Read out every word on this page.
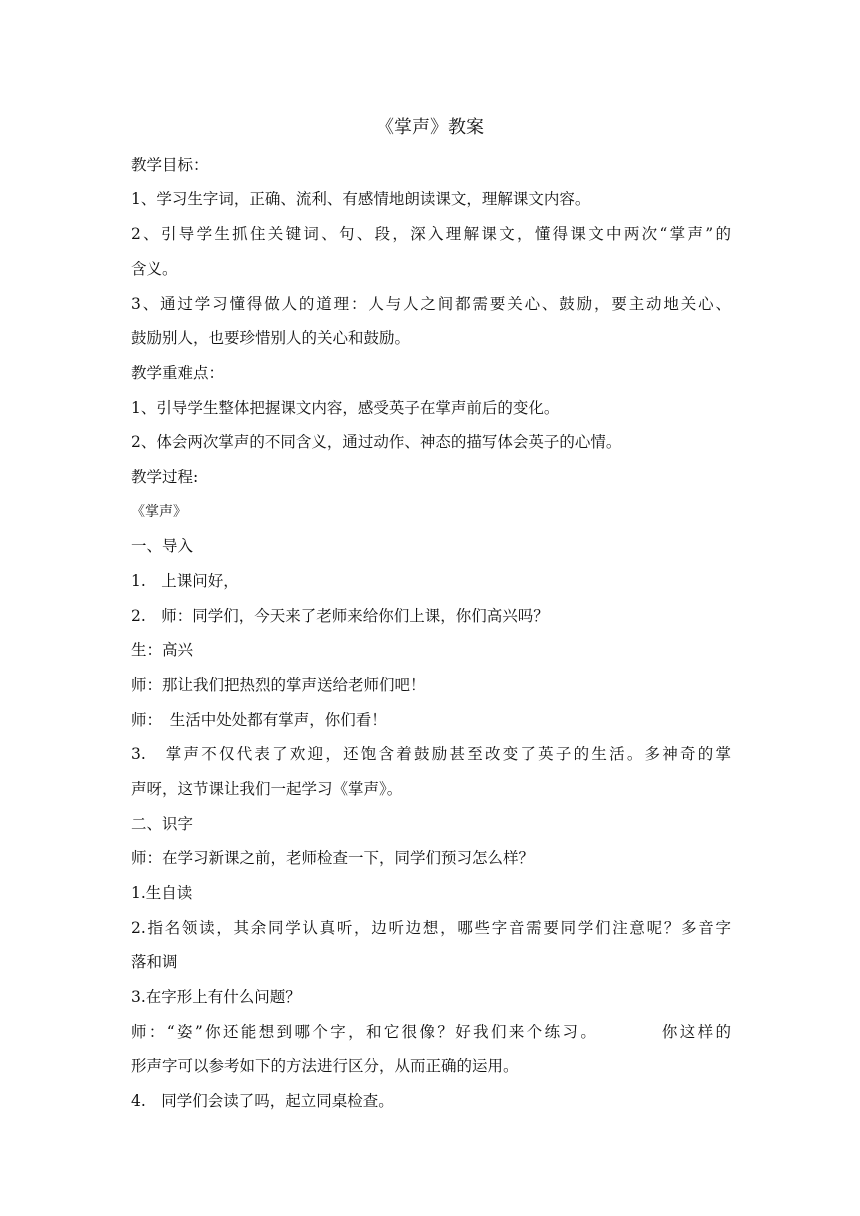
《掌声》教案
教学目标：
1、学习生字词，正确、流利、有感情地朗读课文，理解课文内容。
2、引导学生抓住关键词、句、段，深入理解课文，懂得课文中两次“掌声”的
含义。
3、通过学习懂得做人的道理：人与人之间都需要关心、鼓励，要主动地关心、
鼓励别人，也要珍惜别人的关心和鼓励。
教学重难点：
1、引导学生整体把握课文内容，感受英子在掌声前后的变化。
2、体会两次掌声的不同含义，通过动作、神态的描写体会英子的心情。
教学过程:
《掌声》
一、导入
1.　上课问好，
2.　师：同学们，今天来了老师来给你们上课，你们高兴吗？
生：高兴
师：那让我们把热烈的掌声送给老师们吧！
师：　生活中处处都有掌声，你们看！
3.　掌声不仅代表了欢迎，还饱含着鼓励甚至改变了英子的生活。多神奇的掌
声呀，这节课让我们一起学习《掌声》。
二、识字
师：在学习新课之前，老师检查一下，同学们预习怎么样？
1.生自读
2.指名领读，其余同学认真听，边听边想，哪些字音需要同学们注意呢？多音字
落和调
3.在字形上有什么问题？
师：“姿”你还能想到哪个字，和它很像？好我们来个练习。　　　　你这样的
形声字可以参考如下的方法进行区分，从而正确的运用。
4.　同学们会读了吗，起立同桌检查。
